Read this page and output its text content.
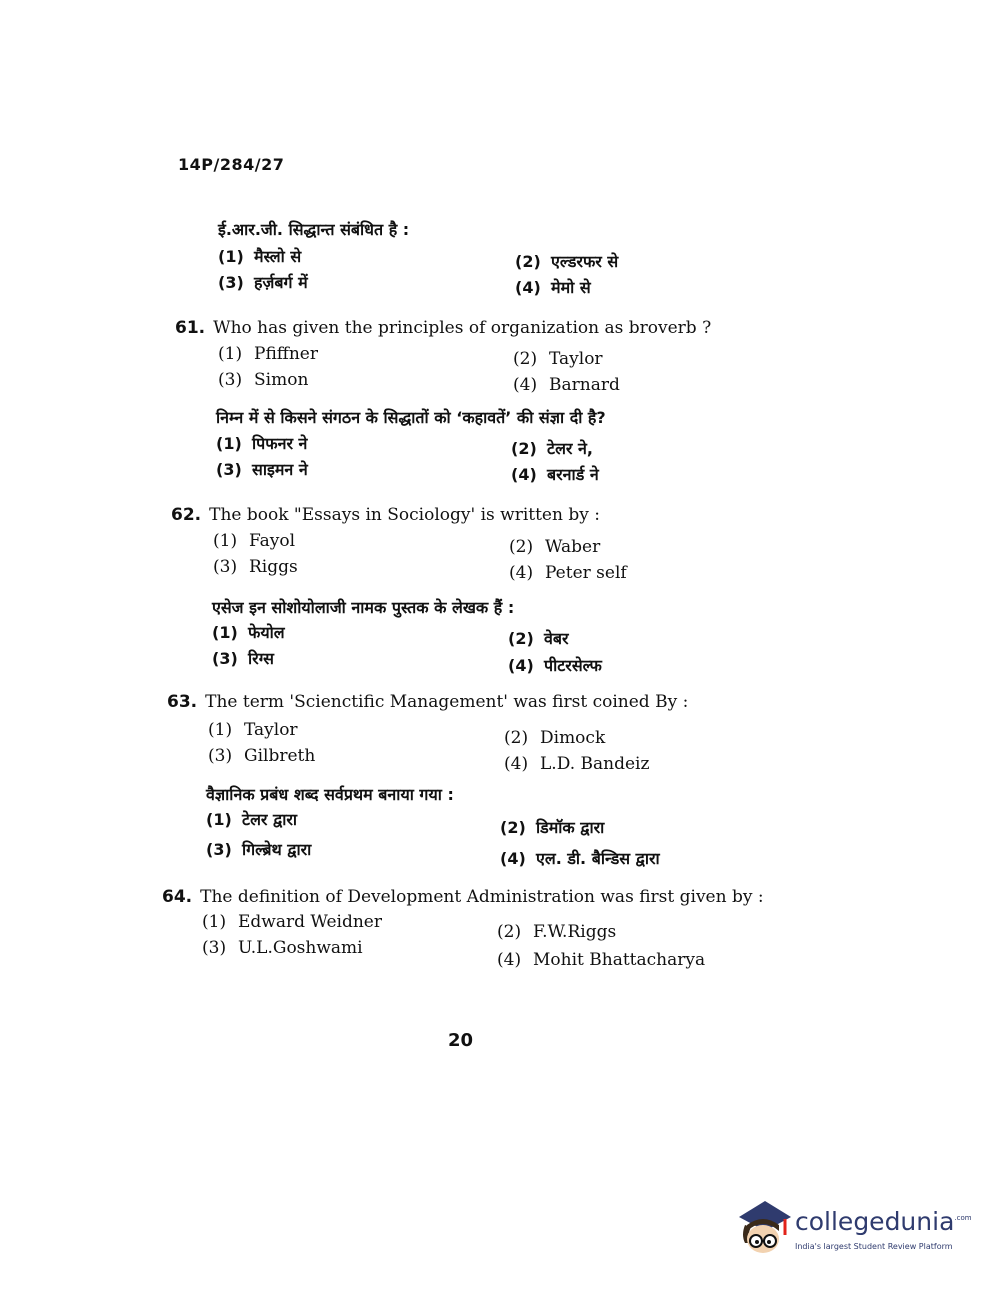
14P/284/27
ई.आर.जी. सिद्धान्त संबंधित है :
(1) मैस्लो से	(2) एल्डरफर से
(3) हर्ज़बर्ग में	(4) मेमो से
61. Who has given the principles of organization as broverb ?
(1) Pfiffner	(2) Taylor
(3) Simon	(4) Barnard
निम्न में से किसने संगठन के सिद्धातों को ‘कहावतें’ की संज्ञा दी है?
(1) पिफनर ने	(2) टेलर ने,
(3) साइमन ने	(4) बरनार्ड ने
62. The book "Essays in Sociology' is written by :
(1) Fayol	(2) Waber
(3) Riggs	(4) Peter self
एसेज इन सोशोयोलाजी नामक पुस्तक के लेखक हैं :
(1) फेयोल	(2) वेबर
(3) रिग्स	(4) पीटरसेल्फ
63. The term 'Scienctific Management' was first coined By :
(1) Taylor	(2) Dimock
(3) Gilbreth	(4) L.D. Bandeiz
वैज्ञानिक प्रबंध शब्द सर्वप्रथम बनाया गया :
(1) टेलर द्वारा	(2) डिमॉक द्वारा
(3) गिल्ब्रेथ द्वारा	(4) एल. डी. बैन्डिस द्वारा
64. The definition of Development Administration was first given by :
(1) Edward Weidner	(2) F.W.Riggs
(3) U.L.Goshwami
(4) Mohit Bhattacharya
20
collegedunia$^{.com}$
India's largest Student Review Platform
